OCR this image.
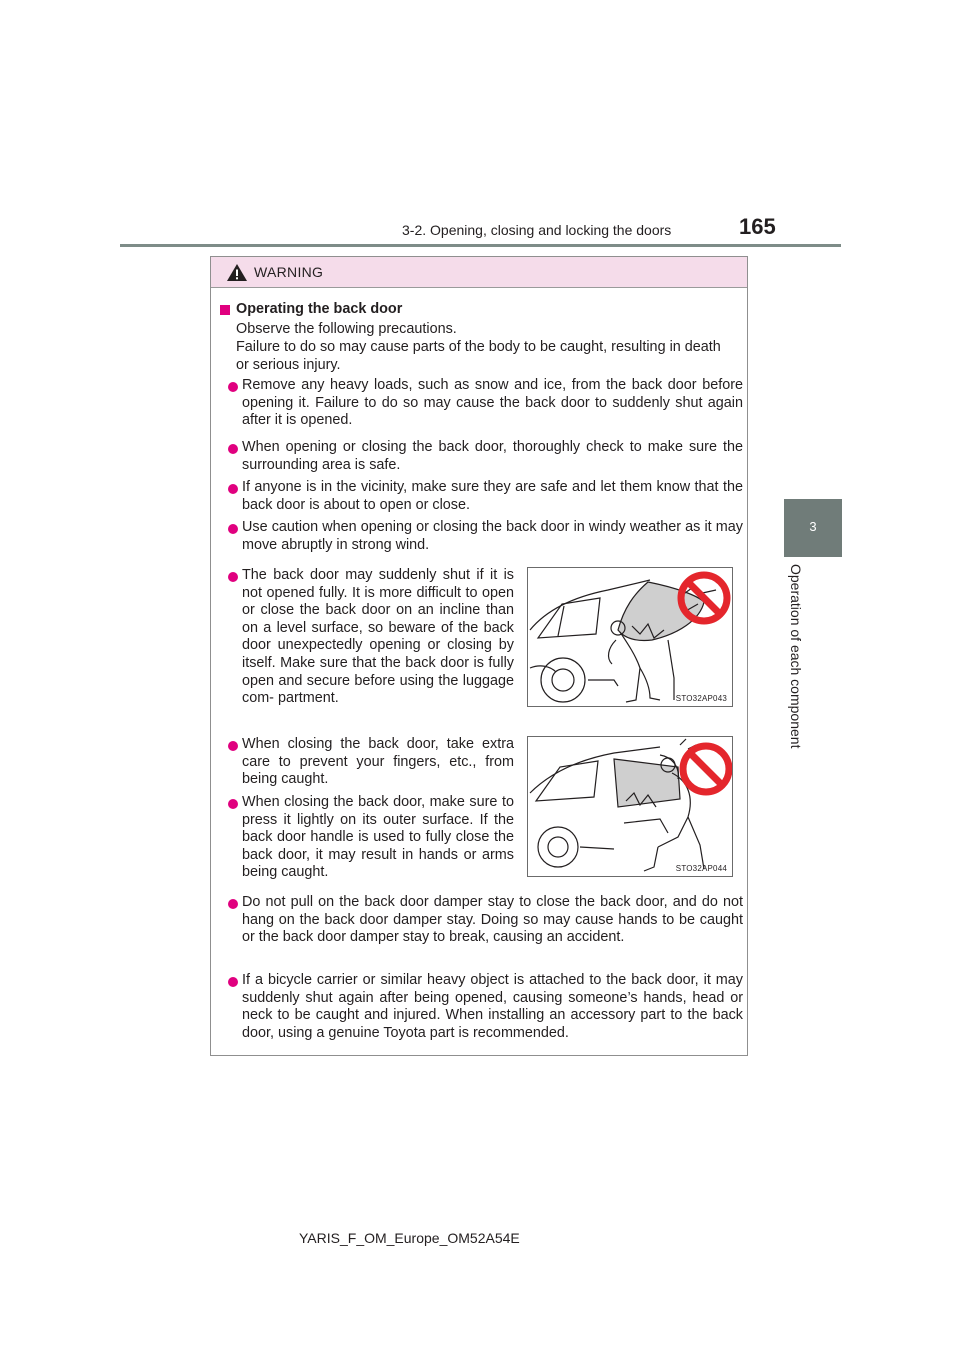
3-2. Opening, closing and locking the doors	165
3
Operation of each component
WARNING
Operating the back door
Observe the following precautions.
Failure to do so may cause parts of the body to be caught, resulting in death
or serious injury.
Remove any heavy loads, such as snow and ice, from the back door before opening it. Failure to do so may cause the back door to suddenly shut again after it is opened.
When opening or closing the back door, thoroughly check to make sure the surrounding area is safe.
If anyone is in the vicinity, make sure they are safe and let them know that the back door is about to open or close.
Use caution when opening or closing the back door in windy weather as it may move abruptly in strong wind.
The back door may suddenly shut if it is not opened fully. It is more difficult to open or close the back door on an incline than on a level surface, so beware of the back door unexpectedly opening or closing by itself. Make sure that the back door is fully open and secure before using the luggage com- partment.	STO32AP043
When closing the back door, take extra care to prevent your fingers, etc., from being caught.
When closing the back door, make sure to press it lightly on its outer surface. If the back door handle is used to fully close the back door, it may result in hands or arms being caught.	STO32AP044
Do not pull on the back door damper stay to close the back door, and do not hang on the back door damper stay. Doing so may cause hands to be caught or the back door damper stay to break, causing an accident.
If a bicycle carrier or similar heavy object is attached to the back door, it may suddenly shut again after being opened, causing someone’s hands, head or neck to be caught and injured. When installing an accessory part to the back door, using a genuine Toyota part is recommended.
YARIS_F_OM_Europe_OM52A54E
